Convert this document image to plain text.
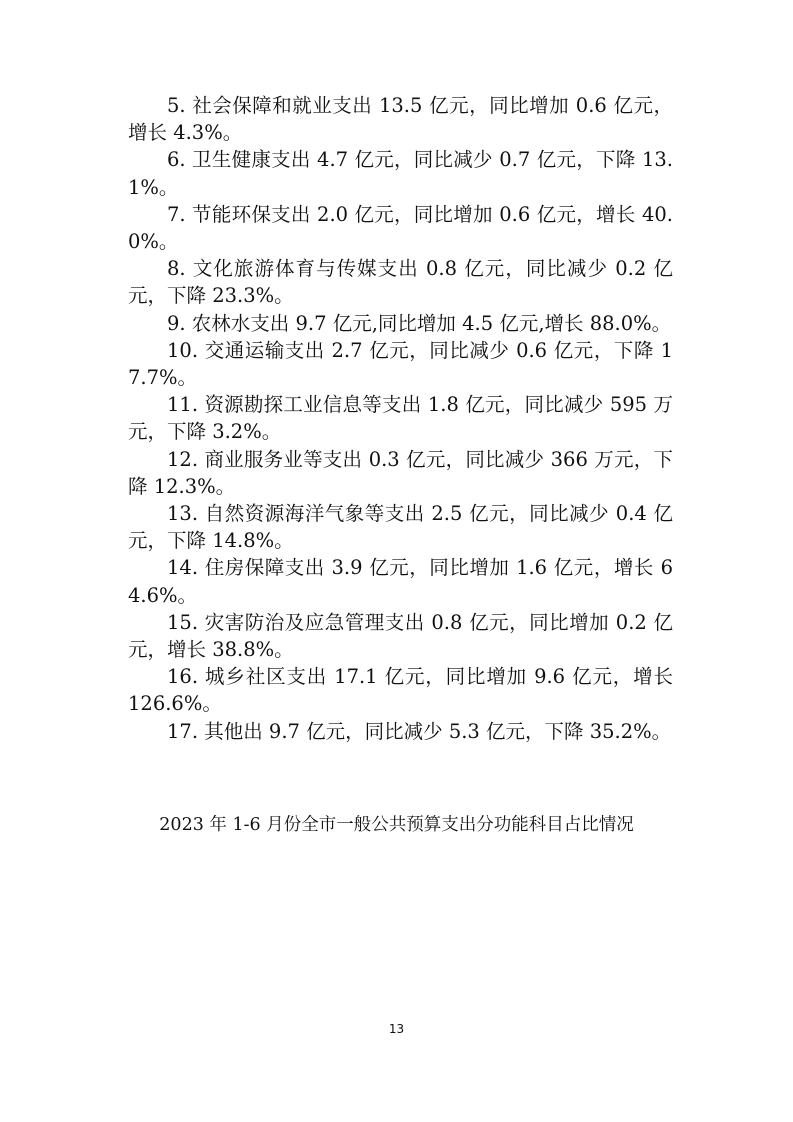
5. 社会保障和就业支出 13.5 亿元，同比增加 0.6 亿元，增长 4.3%。

6. 卫生健康支出 4.7 亿元，同比减少 0.7 亿元，下降 13.1%。

7. 节能环保支出 2.0 亿元，同比增加 0.6 亿元，增长 40.0%。

8. 文化旅游体育与传媒支出 0.8 亿元，同比减少 0.2 亿元，下降 23.3%。

9. 农林水支出 9.7 亿元,同比增加 4.5 亿元,增长 88.0%。

10. 交通运输支出 2.7 亿元，同比减少 0.6 亿元，下降 17.7%。

11. 资源勘探工业信息等支出 1.8 亿元，同比减少 595 万元，下降 3.2%。

12. 商业服务业等支出 0.3 亿元，同比减少 366 万元，下降 12.3%。

13. 自然资源海洋气象等支出 2.5 亿元，同比减少 0.4 亿元，下降 14.8%。

14. 住房保障支出 3.9 亿元，同比增加 1.6 亿元，增长 64.6%。

15. 灾害防治及应急管理支出 0.8 亿元，同比增加 0.2 亿元，增长 38.8%。

16. 城乡社区支出 17.1 亿元，同比增加 9.6 亿元，增长 126.6%。

17. 其他出 9.7 亿元，同比减少 5.3 亿元，下降 35.2%。

2023 年 1-6 月份全市一般公共预算支出分功能科目占比情况

13
